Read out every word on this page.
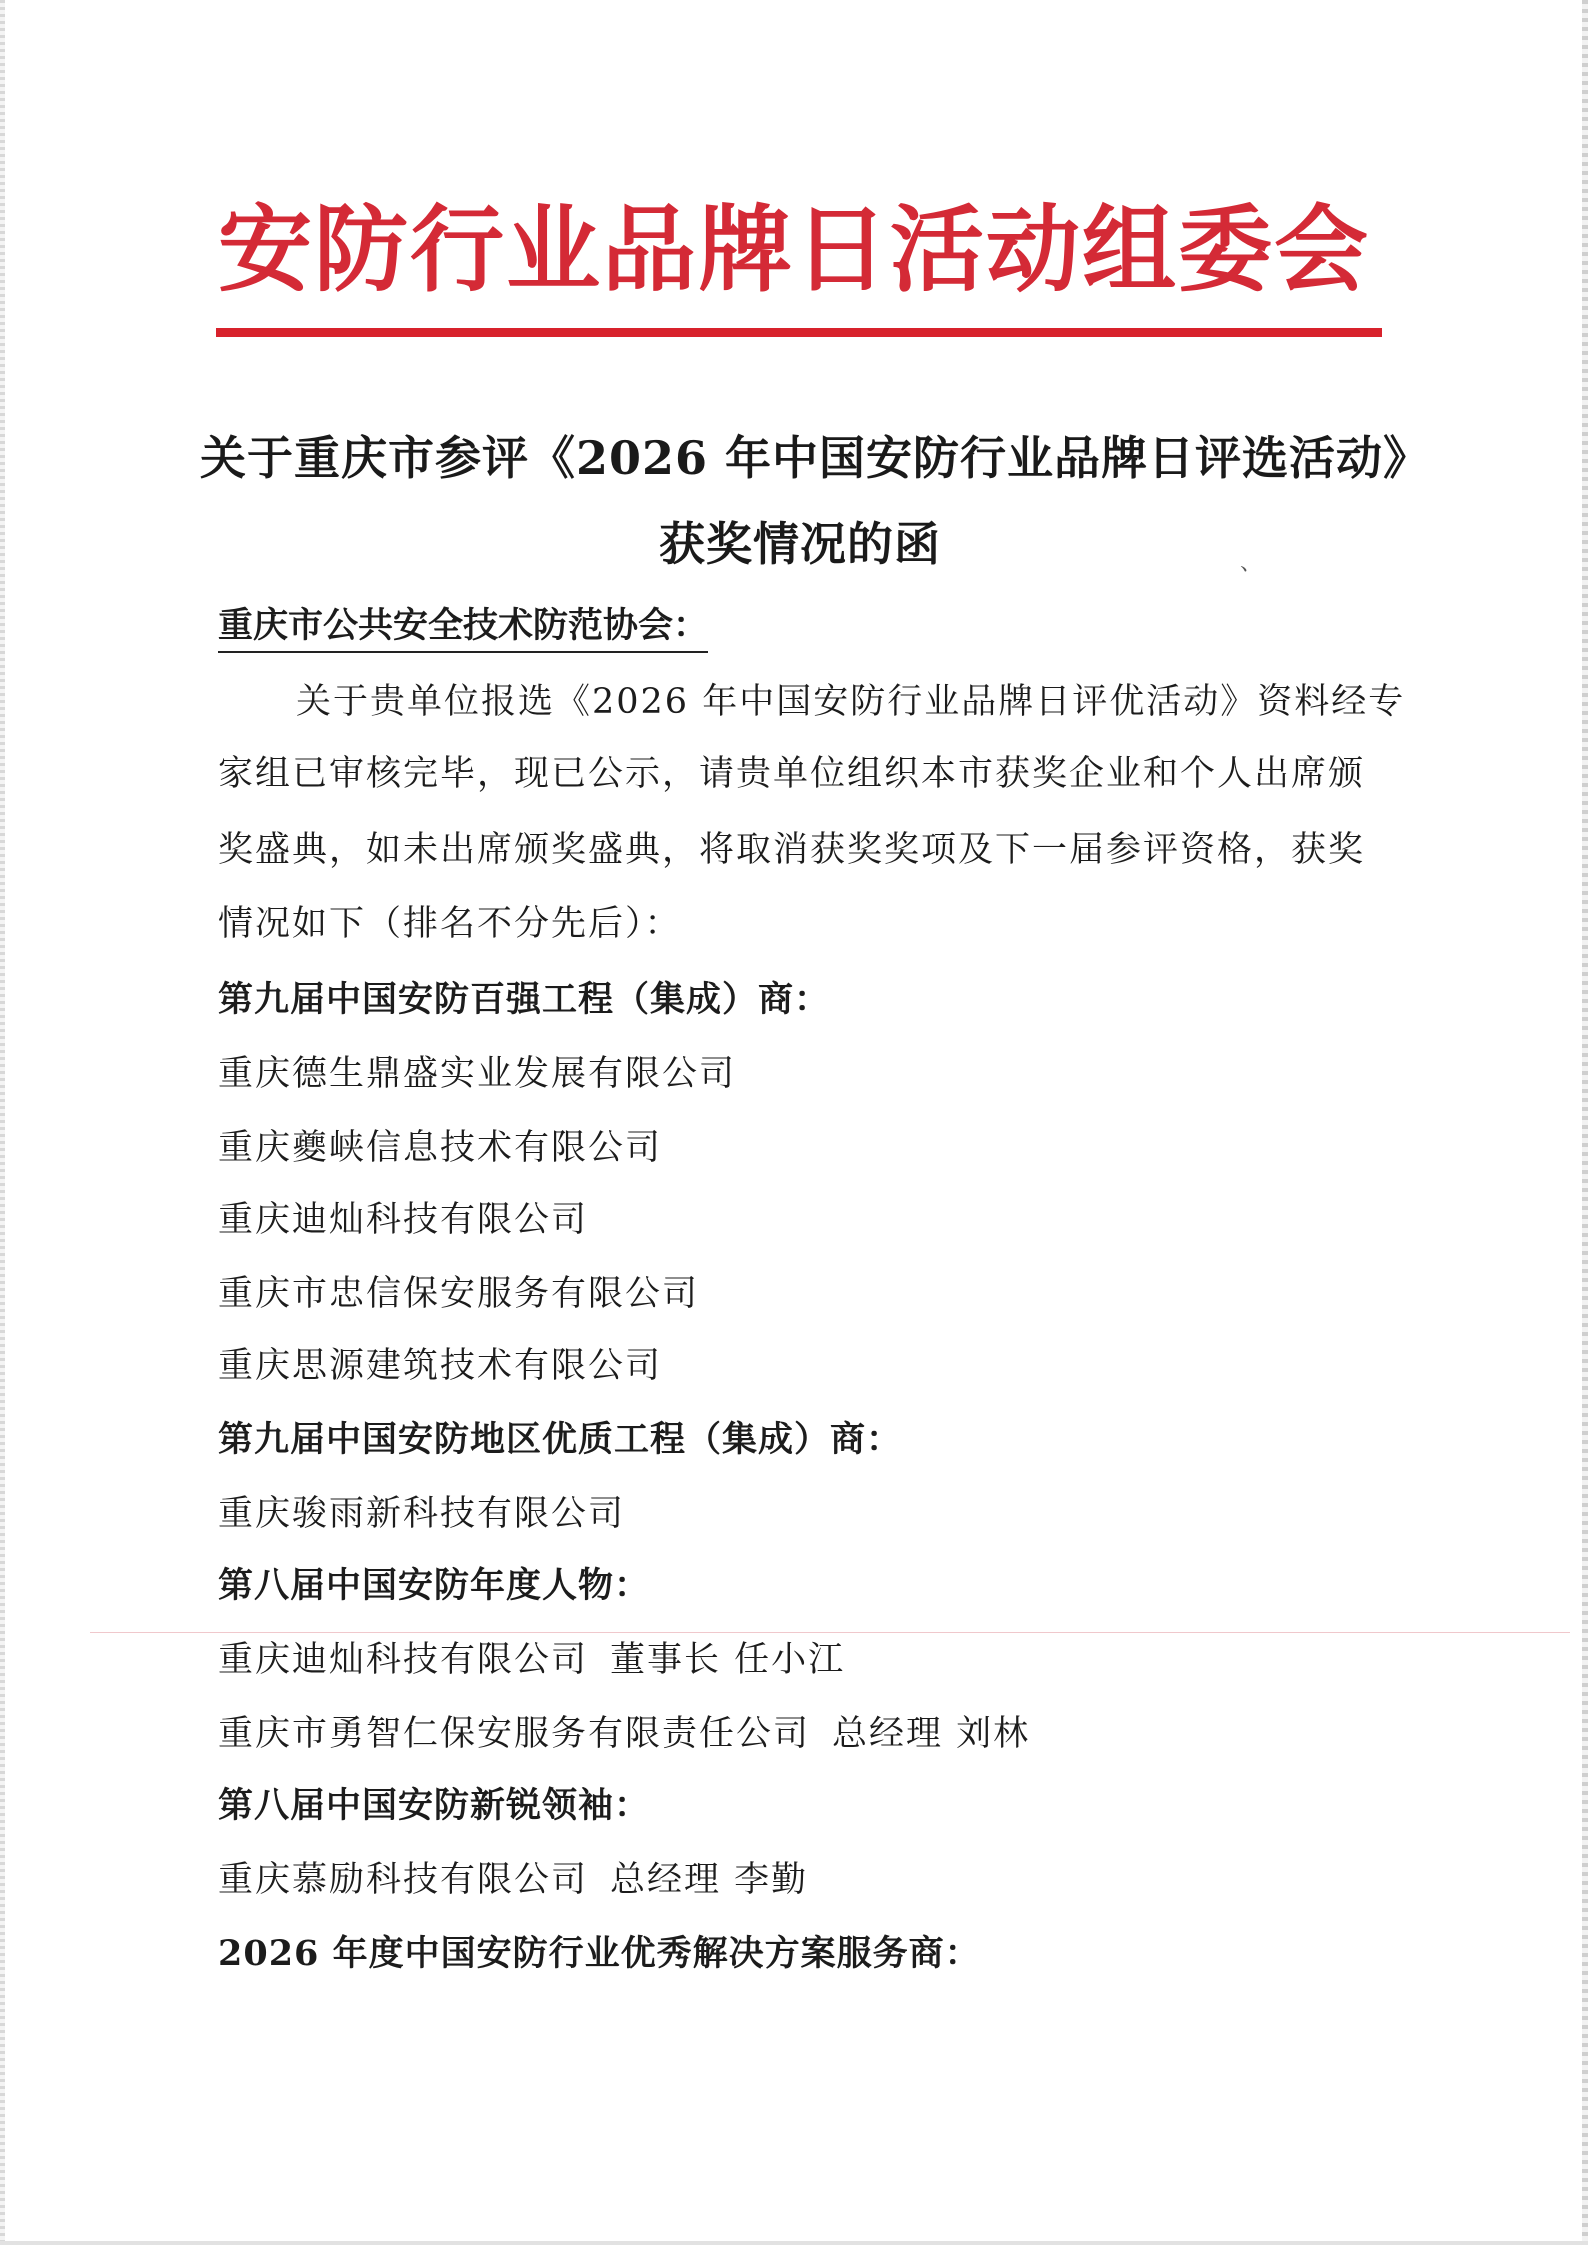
安防行业品牌日活动组委会
关于重庆市参评《2026 年中国安防行业品牌日评选活动》
获奖情况的函	、
重庆市公共安全技术防范协会：
关于贵单位报选《2026 年中国安防行业品牌日评优活动》资料经专
家组已审核完毕，现已公示，请贵单位组织本市获奖企业和个人出席颁
奖盛典，如未出席颁奖盛典，将取消获奖奖项及下一届参评资格，获奖
情况如下（排名不分先后）：
第九届中国安防百强工程（集成）商：
重庆德生鼎盛实业发展有限公司
重庆夔峡信息技术有限公司
重庆迪灿科技有限公司
重庆市忠信保安服务有限公司
重庆思源建筑技术有限公司
第九届中国安防地区优质工程（集成）商：
重庆骏雨新科技有限公司
第八届中国安防年度人物：
重庆迪灿科技有限公司 董事长 任小江
重庆市勇智仁保安服务有限责任公司 总经理 刘林
第八届中国安防新锐领袖：
重庆慕励科技有限公司 总经理 李勤
2026 年度中国安防行业优秀解决方案服务商：
